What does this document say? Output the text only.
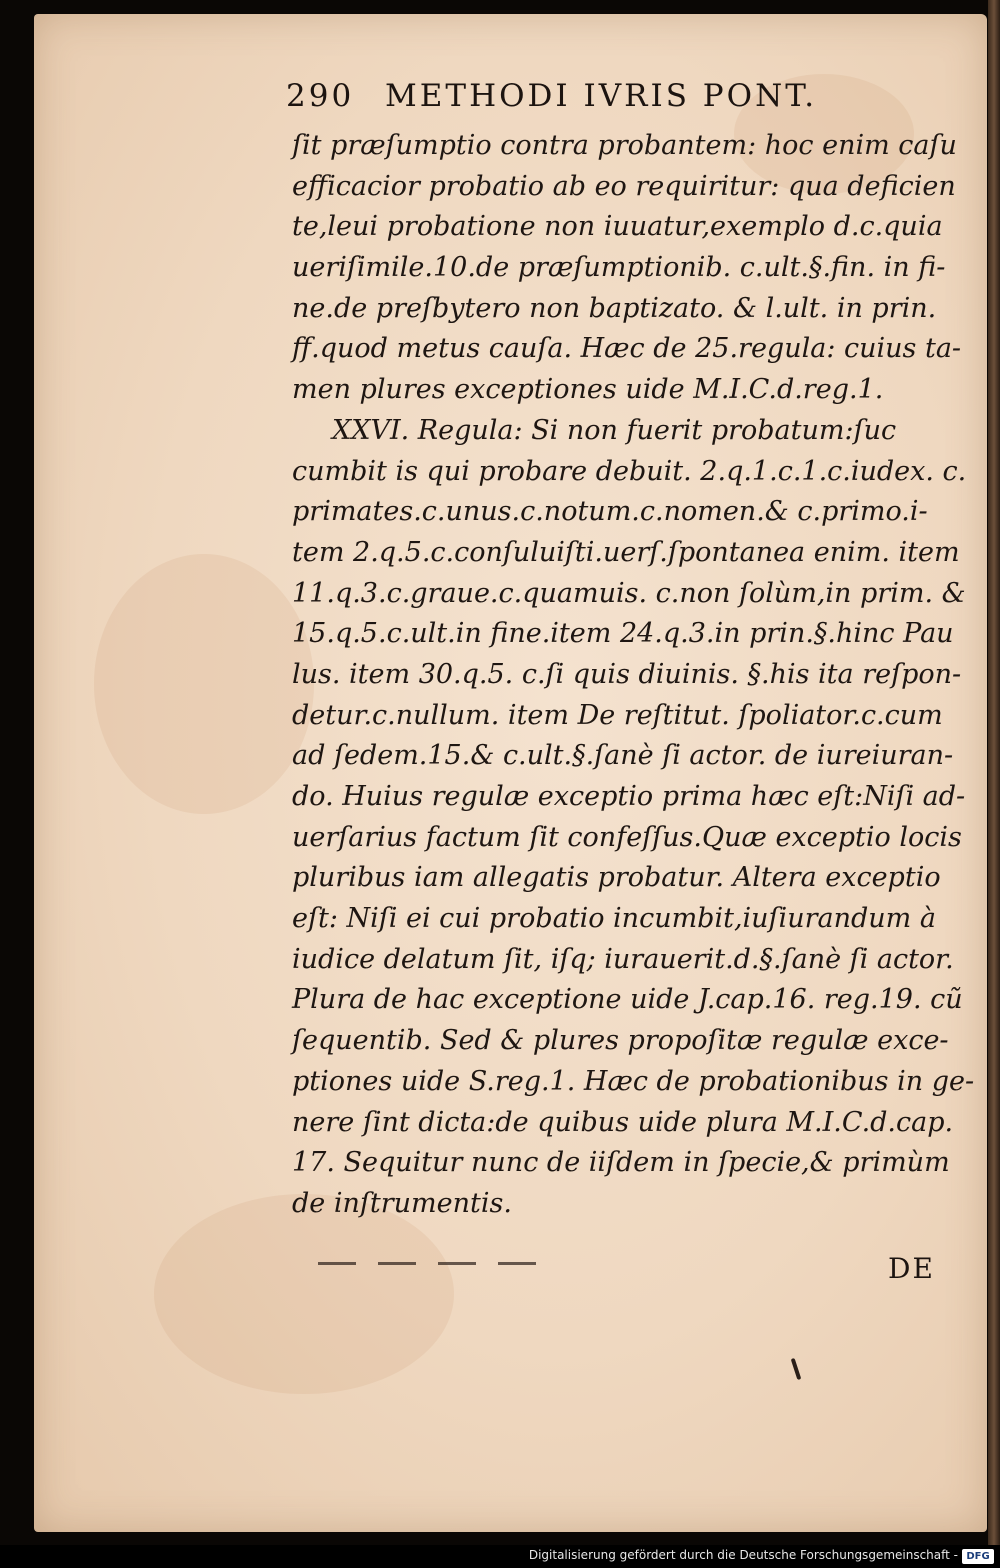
290 METHODI IVRIS PONT.
ſit præſumptio contra probantem: hoc enim caſu
efficacior probatio ab eo requiritur: qua deficien
te,leui probatione non iuuatur,exemplo d.c.quia
ueriſimile.10.de præſumptionib. c.ult.§.fin. in fi-
ne.de preſbytero non baptizato. & l.ult. in prin.
ff.quod metus cauſa. Hæc de 25.regula: cuius ta-
men plures exceptiones uide M.I.C.d.reg.1.
XXVI. Regula: Si non fuerit probatum:ſuc
cumbit is qui probare debuit. 2.q.1.c.1.c.iudex. c.
primates.c.unus.c.notum.c.nomen.& c.primo.i-
tem 2.q.5.c.conſuluiſti.uerſ.ſpontanea enim. item
11.q.3.c.graue.c.quamuis. c.non ſolùm,in prim. &
15.q.5.c.ult.in fine.item 24.q.3.in prin.§.hinc Pau
lus. item 30.q.5. c.ſi quis diuinis. §.his ita reſpon-
detur.c.nullum. item De reſtitut. ſpoliator.c.cum
ad ſedem.15.& c.ult.§.ſanè ſi actor. de iureiuran-
do. Huius regulæ exceptio prima hæc eſt:Niſi ad-
uerſarius factum ſit confeſſus.Quæ exceptio locis
pluribus iam allegatis probatur. Altera exceptio
eſt: Niſi ei cui probatio incumbit,iuſiurandum à
iudice delatum ſit, iſq; iurauerit.d.§.ſanè ſi actor.
Plura de hac exceptione uide J.cap.16. reg.19. cũ
ſequentib. Sed & plures propoſitæ regulæ exce-
ptiones uide S.reg.1. Hæc de probationibus in ge-
nere ſint dicta:de quibus uide plura M.I.C.d.cap.
17. Sequitur nunc de iiſdem in ſpecie,& primùm
de inſtrumentis.
DE
Digitalisierung gefördert durch die Deutsche Forschungsgemeinschaft - DFG
